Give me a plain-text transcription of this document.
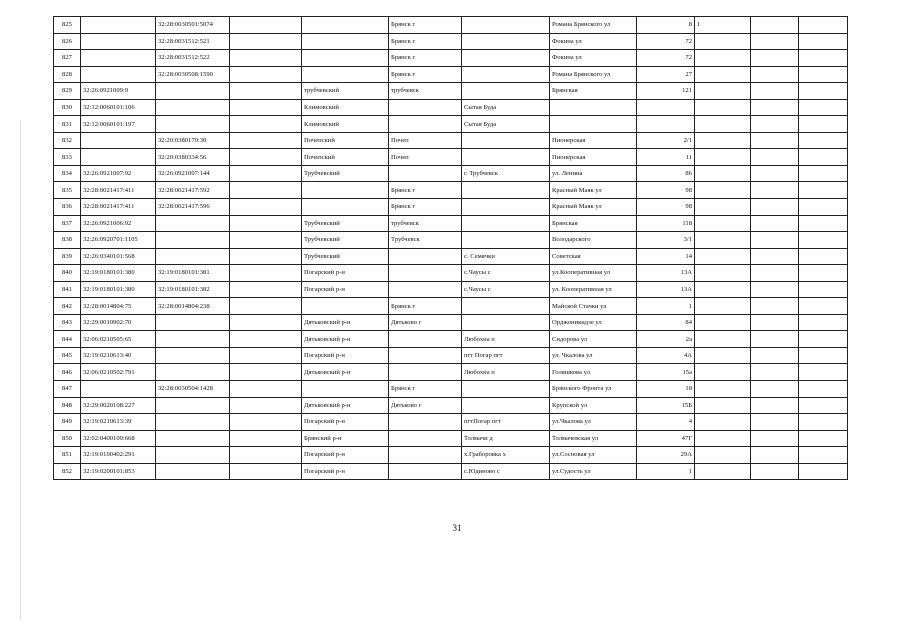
825		32:28:0030501:5074			Брянск г		Романа Брянского ул	8	1		
826		32:28:0031512:521			Брянск г		Фокина ул	72			
827		32:28:0031512:522			Брянск г		Фокина ул	72			
828		32:28:0030508:1590			Брянск г		Романа Брянского ул	27			
829	32:26:0921009:9			трубчевский	трубчевск		Брянская	121			
830	32:12:0060101:106			Климовский		Сытая Буда					
831	32:12:0060101:197			Климовский		Сытая Буда					
832		32:20:0380170:30		Почепский	Почеп		Пионерская	2/1			
833		32:20:0380334:56		Почепский	Почеп		Пионерская	11			
834	32:26:0921007:92	32:26:0921007:144		Трубчевский		г. Трубчевск	ул. Ленина	86			
835	32:28:0021417:411	32:28:0021417:592			Брянск г		Красный Маяк ул	98			
836	32:28:0021417:411	32:28:0021417:596			Брянск г		Красный Маяк ул	98			
837	32:26:0921006:92			Трубчевский	трубчевск		Брянская	118			
838	32:26:0920701:1105			Трубчевский	Трубчевск		Володарского	3/1			
839	32:26:0340101:568			Трубчевский		с. Семячки	Советская	14			
840	32:19:0180101:380	32:19:0180101:381		Погарский р-н		с.Чаусы с	ул.Кооперативная ул	13А			
841	32:19:0180101:380	32:19:0180101:382		Погарский р-н		с.Чаусы с	ул. Кооперативная ул	13А			
842	32:28:0014804:75	32:28:0014804:238			Брянск г		Майской Стачки ул	1			
843	32:29:0010902:70			Дятьковский р-н	Дятьково г		Орджоникидзе ул	84			
844	32:06:0210505:65			Дятьковский р-н		Любохна п	Сидорова ул	2а			
845	32:19:0210613:40			Погарский р-н		пгт Погар пгт	ул. Чкалова ул	4А			
846	32:06:0210502:791			Дятьковский р-н		Любохна п	Голяшкова ул	15а			
847		32:28:0030504:1428			Брянск г		Брянского Фронта ул	18			
848	32:29:0020108:227			Дятьковский р-н	Дятьково г		Крупской ул	15Б			
849	32:19:0210613:39			Погарский р-н		пгтПогар пгт	ул.Чкалова ул	4			
850	32:02:0400109:668			Брянский р-н		Толмачи д	Толмачевская ул	47Г			
851	32:19:0100402:291			Погарский р-н		х.Граборовка х	ул.Сосновая ул	29А			
852	32:19:0200101:853			Погарский р-н		с.Юдиново с	ул.Судость ул	1			
31
